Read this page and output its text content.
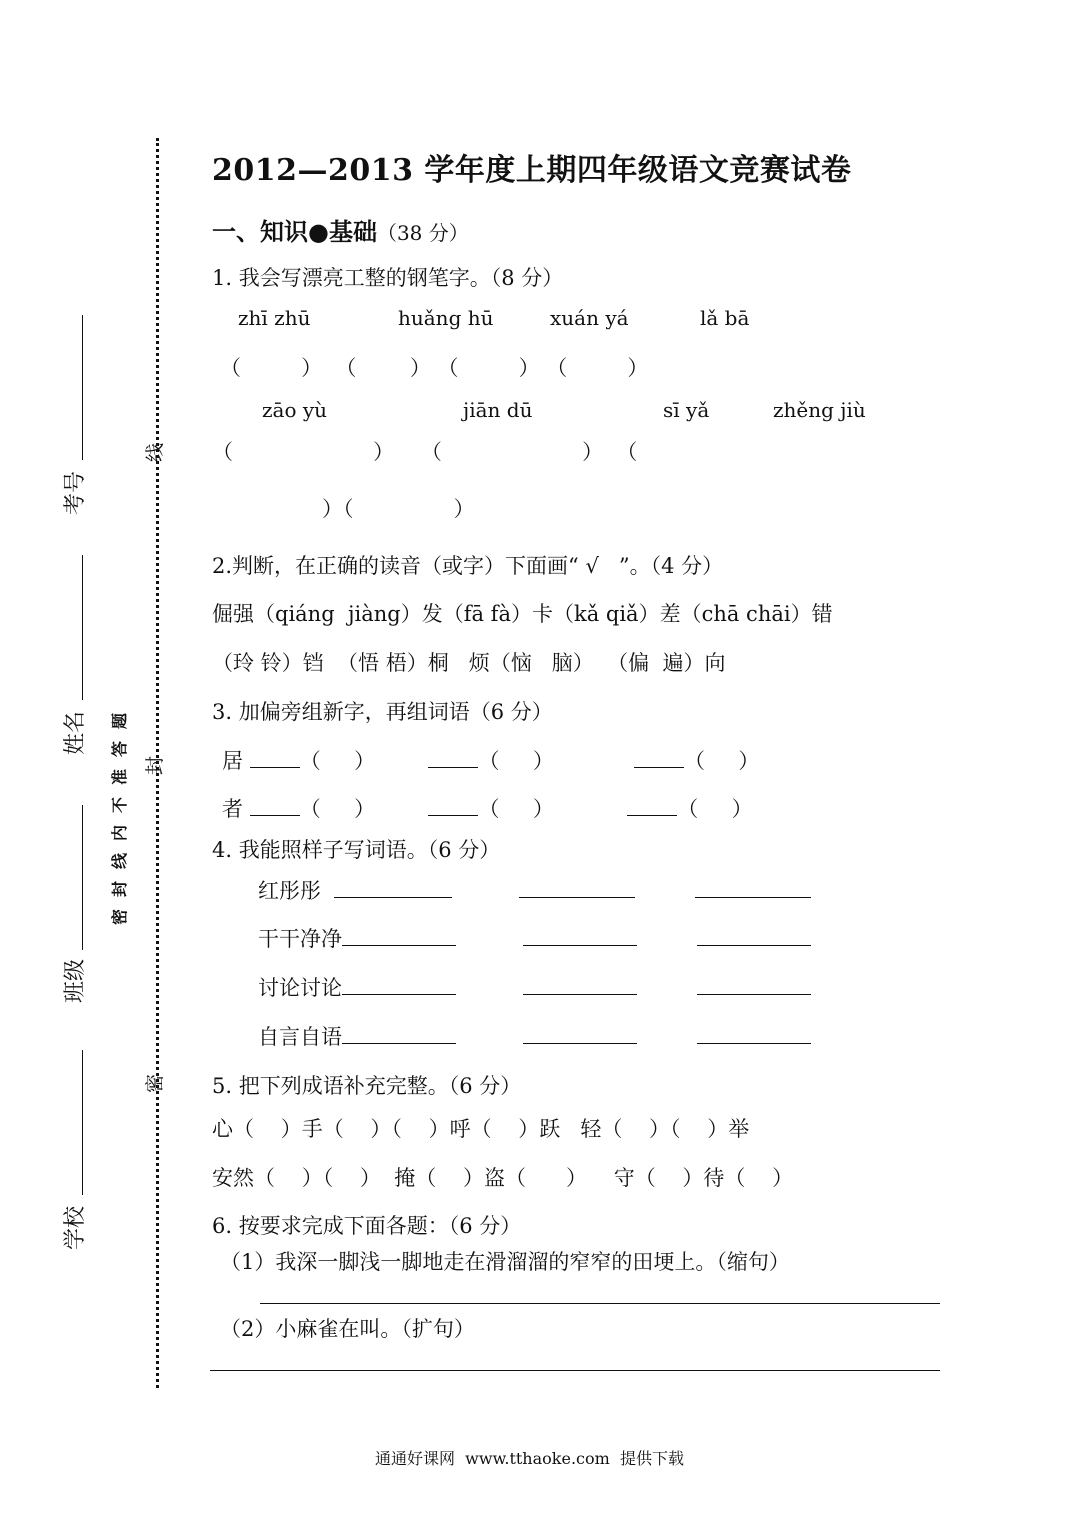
考号
姓名
班级
学校
线
封
密
密封线内不准答题
2012—2013 学年度上期四年级语文竞赛试卷
一、知识●基础（38 分）
1. 我会写漂亮工整的钢笔字。（8 分）
zhī zhū	huǎng hū	xuán yá	lǎ bā
（         ）  （        ） （         ） （         ）
zāo yù	jiān dū	sī yǎ	zhěng jiù
（                     ）    （                     ）  （
）（               ）
2.判断，在正确的读音（或字）下面画“ √   ”。（4 分）
倔强（qiáng  jiàng）发（fā fà）卡（kǎ qiǎ）差（chā chāi）错
（玲 铃）铛  （悟 梧）桐   烦（恼   脑）  （偏  遍）向
3. 加偏旁组新字，再组词语（6 分）
居	（     ）        （     ）            （     ）
者	（     ）        （     ）           （     ）
4. 我能照样子写词语。（6 分）
红彤彤
干干净净
讨论讨论
自言自语
5. 把下列成语补充完整。（6 分）
心（    ）手（    ）（    ）呼（    ）跃   轻（    ）（    ）举
安然（    ）（    ）  掩（    ）盗（      ）    守（    ）待（    ）
6. 按要求完成下面各题：（6 分）
（1）我深一脚浅一脚地走在滑溜溜的窄窄的田埂上。（缩句）
（2）小麻雀在叫。（扩句）
通通好课网  www.tthaoke.com  提供下载
